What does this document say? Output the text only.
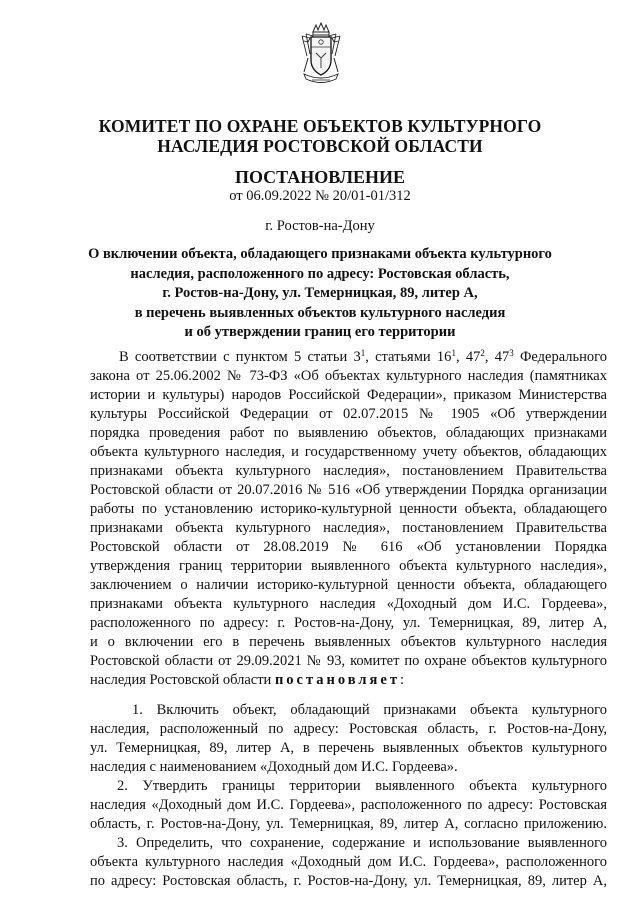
КОМИТЕТ ПО ОХРАНЕ ОБЪЕКТОВ КУЛЬТУРНОГО
НАСЛЕДИЯ РОСТОВСКОЙ ОБЛАСТИ
ПОСТАНОВЛЕНИЕ
от 06.09.2022 № 20/01-01/312
г. Ростов-на-Дону
О включении объекта, обладающего признаками объекта культурного
наследия, расположенного по адресу: Ростовская область,
г. Ростов-на-Дону, ул. Темерницкая, 89, литер А,
в перечень выявленных объектов культурного наследия
и об утверждении границ его территории
В соответствии с пунктом 5 статьи $3^1$, статьями $16^1$, $47^2$, $47^3$ Федерального
закона от 25.06.2002 № 73-ФЗ «Об объектах культурного наследия (памятниках
истории и культуры) народов Российской Федерации», приказом Министерства
культуры Российской Федерации от 02.07.2015 № 1905 «Об утверждении
порядка проведения работ по выявлению объектов, обладающих признаками
объекта культурного наследия, и государственному учету объектов, обладающих
признаками объекта культурного наследия», постановлением Правительства
Ростовской области от 20.07.2016 № 516 «Об утверждении Порядка организации
работы по установлению историко-культурной ценности объекта, обладающего
признаками объекта культурного наследия», постановлением Правительства
Ростовской области от 28.08.2019 № 616 «Об установлении Порядка
утверждения границ территории выявленного объекта культурного наследия»,
заключением о наличии историко-культурной ценности объекта, обладающего
признаками объекта культурного наследия «Доходный дом И.С. Гордеева»,
расположенного по адресу: г. Ростов-на-Дону, ул. Темерницкая, 89, литер А,
и о включении его в перечень выявленных объектов культурного наследия
Ростовской области от 29.09.2021 № 93, комитет по охране объектов культурного
наследия Ростовской области постановляет:
1. Включить объект, обладающий признаками объекта культурного
наследия, расположенный по адресу: Ростовская область, г. Ростов-на-Дону,
ул. Темерницкая, 89, литер А, в перечень выявленных объектов культурного
наследия с наименованием «Доходный дом И.С. Гордеева».
2. Утвердить границы территории выявленного объекта культурного
наследия «Доходный дом И.С. Гордеева», расположенного по адресу: Ростовская
область, г. Ростов-на-Дону, ул. Темерницкая, 89, литер А, согласно приложению.
3. Определить, что сохранение, содержание и использование выявленного
объекта культурного наследия «Доходный дом И.С. Гордеева», расположенного
по адресу: Ростовская область, г. Ростов-на-Дону, ул. Темерницкая, 89, литер А,
